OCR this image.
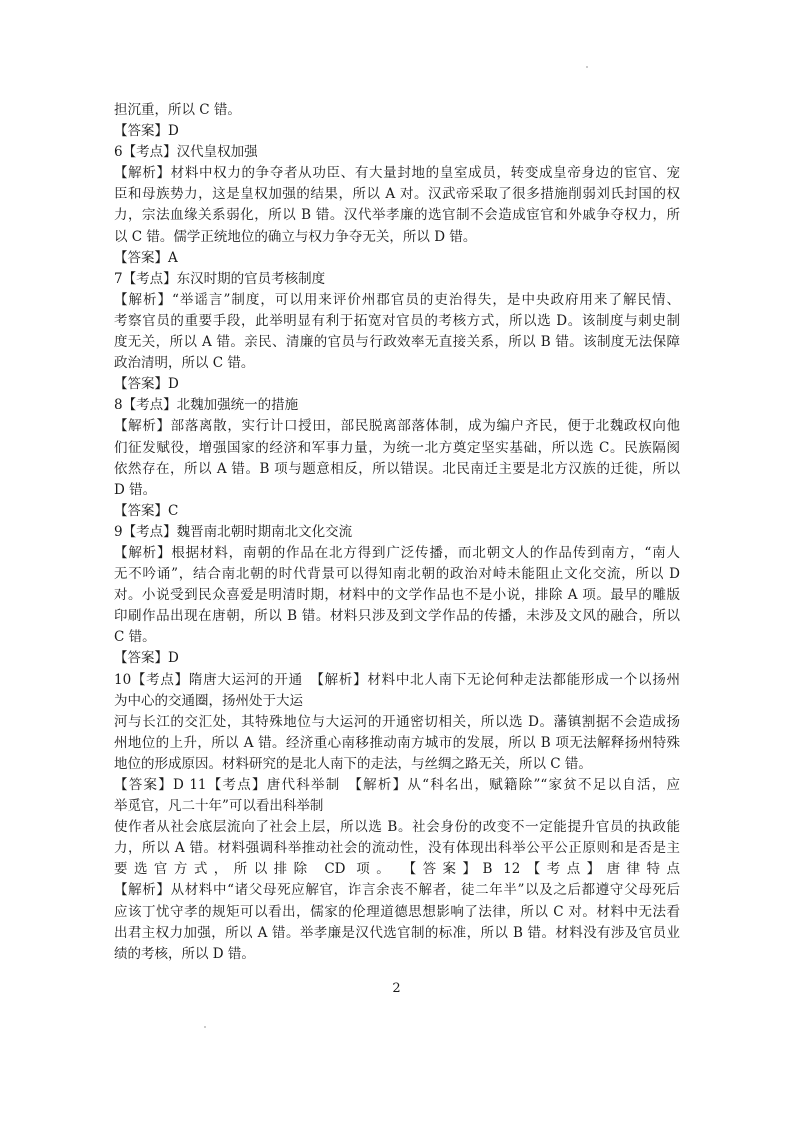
担沉重，所以 C 错。
【答案】D
6【考点】汉代皇权加强
【解析】材料中权力的争夺者从功臣、有大量封地的皇室成员，转变成皇帝身边的宦官、宠
臣和母族势力，这是皇权加强的结果，所以 A 对。汉武帝采取了很多措施削弱刘氏封国的权
力，宗法血缘关系弱化，所以 B 错。汉代举孝廉的选官制不会造成宦官和外戚争夺权力，所
以 C 错。儒学正统地位的确立与权力争夺无关，所以 D 错。
【答案】A
7【考点】东汉时期的官员考核制度
【解析】“举谣言”制度，可以用来评价州郡官员的吏治得失，是中央政府用来了解民情、
考察官员的重要手段，此举明显有利于拓宽对官员的考核方式，所以选 D。该制度与刺史制
度无关，所以 A 错。亲民、清廉的官员与行政效率无直接关系，所以 B 错。该制度无法保障
政治清明，所以 C 错。
【答案】D
8【考点】北魏加强统一的措施
【解析】部落离散，实行计口授田，部民脱离部落体制，成为编户齐民，便于北魏政权向他
们征发赋役，增强国家的经济和军事力量，为统一北方奠定坚实基础，所以选 C。民族隔阂
依然存在，所以 A 错。B 项与题意相反，所以错误。北民南迁主要是北方汉族的迁徙，所以
D 错。
【答案】C
9【考点】魏晋南北朝时期南北文化交流
【解析】根据材料，南朝的作品在北方得到广泛传播，而北朝文人的作品传到南方，“南人
无不吟诵”，结合南北朝的时代背景可以得知南北朝的政治对峙未能阻止文化交流，所以 D
对。小说受到民众喜爱是明清时期，材料中的文学作品也不是小说，排除 A 项。最早的雕版
印刷作品出现在唐朝，所以 B 错。材料只涉及到文学作品的传播，未涉及文风的融合，所以
C 错。
【答案】D
10【考点】隋唐大运河的开通　【解析】材料中北人南下无论何种走法都能形成一个以扬州
为中心的交通圈，扬州处于大运
河与长江的交汇处，其特殊地位与大运河的开通密切相关，所以选 D。藩镇割据不会造成扬
州地位的上升，所以 A 错。经济重心南移推动南方城市的发展，所以 B 项无法解释扬州特殊
地位的形成原因。材料研究的是北人南下的走法，与丝绸之路无关，所以 C 错。
【答案】D 11【考点】唐代科举制　【解析】从“科名出，赋籍除”“家贫不足以自活，应
举觅官，凡二十年”可以看出科举制
使作者从社会底层流向了社会上层，所以选 B。社会身份的改变不一定能提升官员的执政能
力，所以 A 错。材料强调科举推动社会的流动性，没有体现出科举公平公正原则和是否是主
要选官方式，所以排除 CD 项。　【答案】B 12【考点】唐律特点
【解析】从材料中“诸父母死应解官，诈言余丧不解者，徒二年半”以及之后都遵守父母死后
应该丁忧守孝的规矩可以看出，儒家的伦理道德思想影响了法律，所以 C 对。材料中无法看
出君主权力加强，所以 A 错。举孝廉是汉代选官制的标准，所以 B 错。材料没有涉及官员业
绩的考核，所以 D 错。
2
